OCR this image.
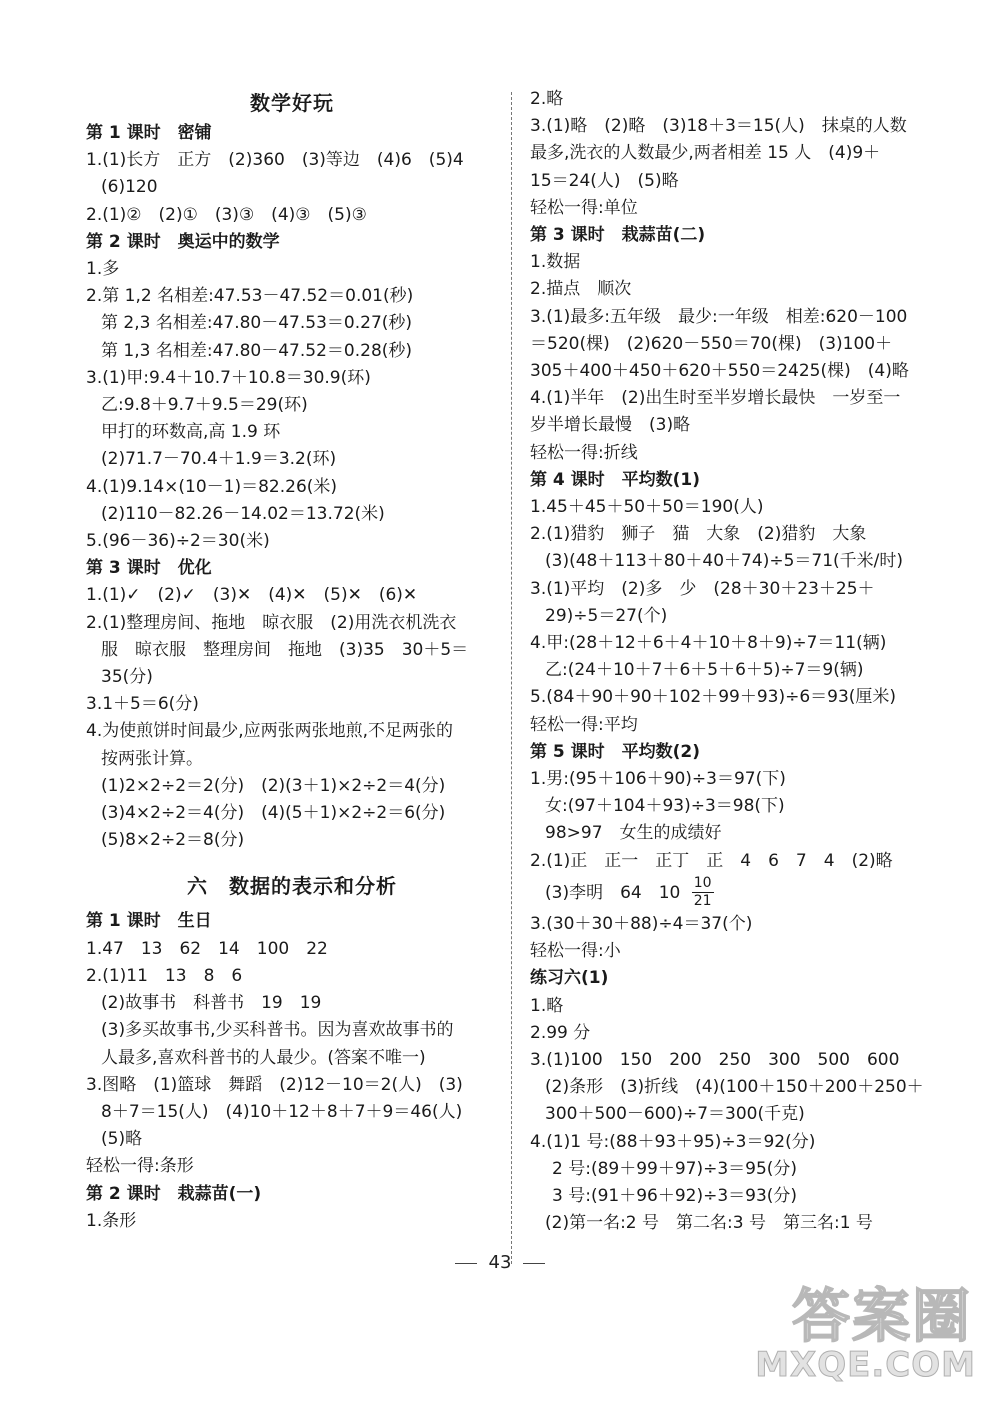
数学好玩
第 1 课时　密铺
1.(1)长方　正方　(2)360　(3)等边　(4)6　(5)4
(6)120
2.(1)②　(2)①　(3)③　(4)③　(5)③
第 2 课时　奥运中的数学
1.多
2.第 1,2 名相差:47.53－47.52＝0.01(秒)
第 2,3 名相差:47.80－47.53＝0.27(秒)
第 1,3 名相差:47.80－47.52＝0.28(秒)
3.(1)甲:9.4＋10.7＋10.8＝30.9(环)
乙:9.8＋9.7＋9.5＝29(环)
甲打的环数高,高 1.9 环
(2)71.7－70.4＋1.9＝3.2(环)
4.(1)9.14×(10－1)＝82.26(米)
(2)110－82.26－14.02＝13.72(米)
5.(96－36)÷2＝30(米)
第 3 课时　优化
1.(1)✓　(2)✓　(3)✕　(4)✕　(5)✕　(6)✕
2.(1)整理房间、拖地　晾衣服　(2)用洗衣机洗衣
服　晾衣服　整理房间　拖地　(3)35　30＋5＝
35(分)
3.1＋5＝6(分)
4.为使煎饼时间最少,应两张两张地煎,不足两张的
按两张计算。
(1)2×2÷2＝2(分)　(2)(3＋1)×2÷2＝4(分)
(3)4×2÷2＝4(分)　(4)(5＋1)×2÷2＝6(分)
(5)8×2÷2＝8(分)
六　数据的表示和分析
第 1 课时　生日
1.47　13　62　14　100　22
2.(1)11　13　8　6
(2)故事书　科普书　19　19
(3)多买故事书,少买科普书。因为喜欢故事书的
人最多,喜欢科普书的人最少。(答案不唯一)
3.图略　(1)篮球　舞蹈　(2)12－10＝2(人)　(3)
8＋7＝15(人)　(4)10＋12＋8＋7＋9＝46(人)
(5)略
轻松一得:条形
第 2 课时　栽蒜苗(一)
1.条形
2.略
3.(1)略　(2)略　(3)18＋3＝15(人)　抹桌的人数
最多,洗衣的人数最少,两者相差 15 人　(4)9＋
15＝24(人)　(5)略
轻松一得:单位
第 3 课时　栽蒜苗(二)
1.数据
2.描点　顺次
3.(1)最多:五年级　最少:一年级　相差:620－100
＝520(棵)　(2)620－550＝70(棵)　(3)100＋
305＋400＋450＋620＋550＝2425(棵)　(4)略
4.(1)半年　(2)出生时至半岁增长最快　一岁至一
岁半增长最慢　(3)略
轻松一得:折线
第 4 课时　平均数(1)
1.45＋45＋50＋50＝190(人)
2.(1)猎豹　狮子　猫　大象　(2)猎豹　大象
(3)(48＋113＋80＋40＋74)÷5＝71(千米/时)
3.(1)平均　(2)多　少　(28＋30＋23＋25＋
29)÷5＝27(个)
4.甲:(28＋12＋6＋4＋10＋8＋9)÷7＝11(辆)
乙:(24＋10＋7＋6＋5＋6＋5)÷7＝9(辆)
5.(84＋90＋90＋102＋99＋93)÷6＝93(厘米)
轻松一得:平均
第 5 课时　平均数(2)
1.男:(95＋106＋90)÷3＝97(下)
女:(97＋104＋93)÷3＝98(下)
98>97　女生的成绩好
2.(1)正　正一　正丁　正　4　6　7　4　(2)略
(3)李明　64　$10 \frac{10}{21}$
3.(30＋30＋88)÷4＝37(个)
轻松一得:小
练习六(1)
1.略
2.99 分
3.(1)100　150　200　250　300　500　600
(2)条形　(3)折线　(4)(100＋150＋200＋250＋
300＋500－600)÷7＝300(千克)
4.(1)1 号:(88＋93＋95)÷3＝92(分)
2 号:(89＋99＋97)÷3＝95(分)
3 号:(91＋96＋92)÷3＝93(分)
(2)第一名:2 号　第二名:3 号　第三名:1 号
43
答案圈
MXQE.COM
